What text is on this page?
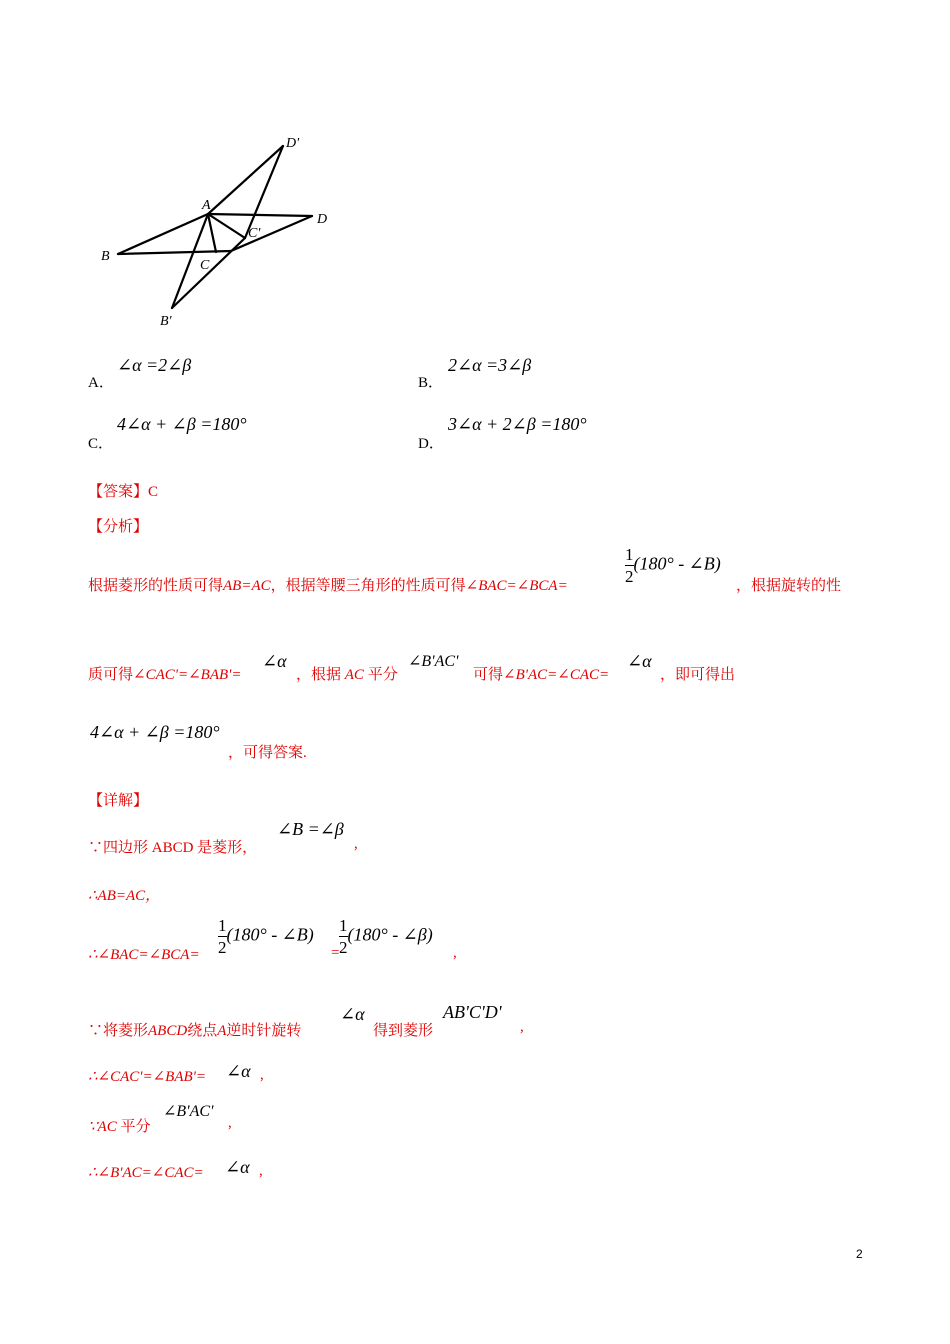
D'
A
D
C'
B
C
B'
A．
∠α =2∠β
B．
2∠α =3∠β
C．
4∠α + ∠β =180°
D．
3∠α + 2∠β =180°
【答案】C
【分析】
根据菱形的性质可得AB=AC，根据等腰三角形的性质可得∠BAC=∠BCA=
$\frac{1}{2} (180^\circ$ - ∠B)
，根据旋转的性
质可得∠CAC'=∠BAB'=
∠α
，根据 AC 平分
∠B'AC'
可得∠B'AC=∠CAC=
∠α
，即可得出
4∠α + ∠β =180°
，可得答案.
【详解】
∵四边形 ABCD 是菱形，
∠B =∠β
,
∴AB=AC，
∴∠BAC=∠BCA= $\frac{1}{2} (180^\circ$ - ∠B)
= $\frac{1}{2} (180^\circ$ - ∠β)
,
∵将菱形ABCD绕点A逆时针旋转
∠α
得到菱形
AB'C'D'
,
∴∠CAC'=∠BAB'= ∠α ,
∵AC 平分
∠B'AC'
,
∴∠B'AC=∠CAC= ∠α ,
2
